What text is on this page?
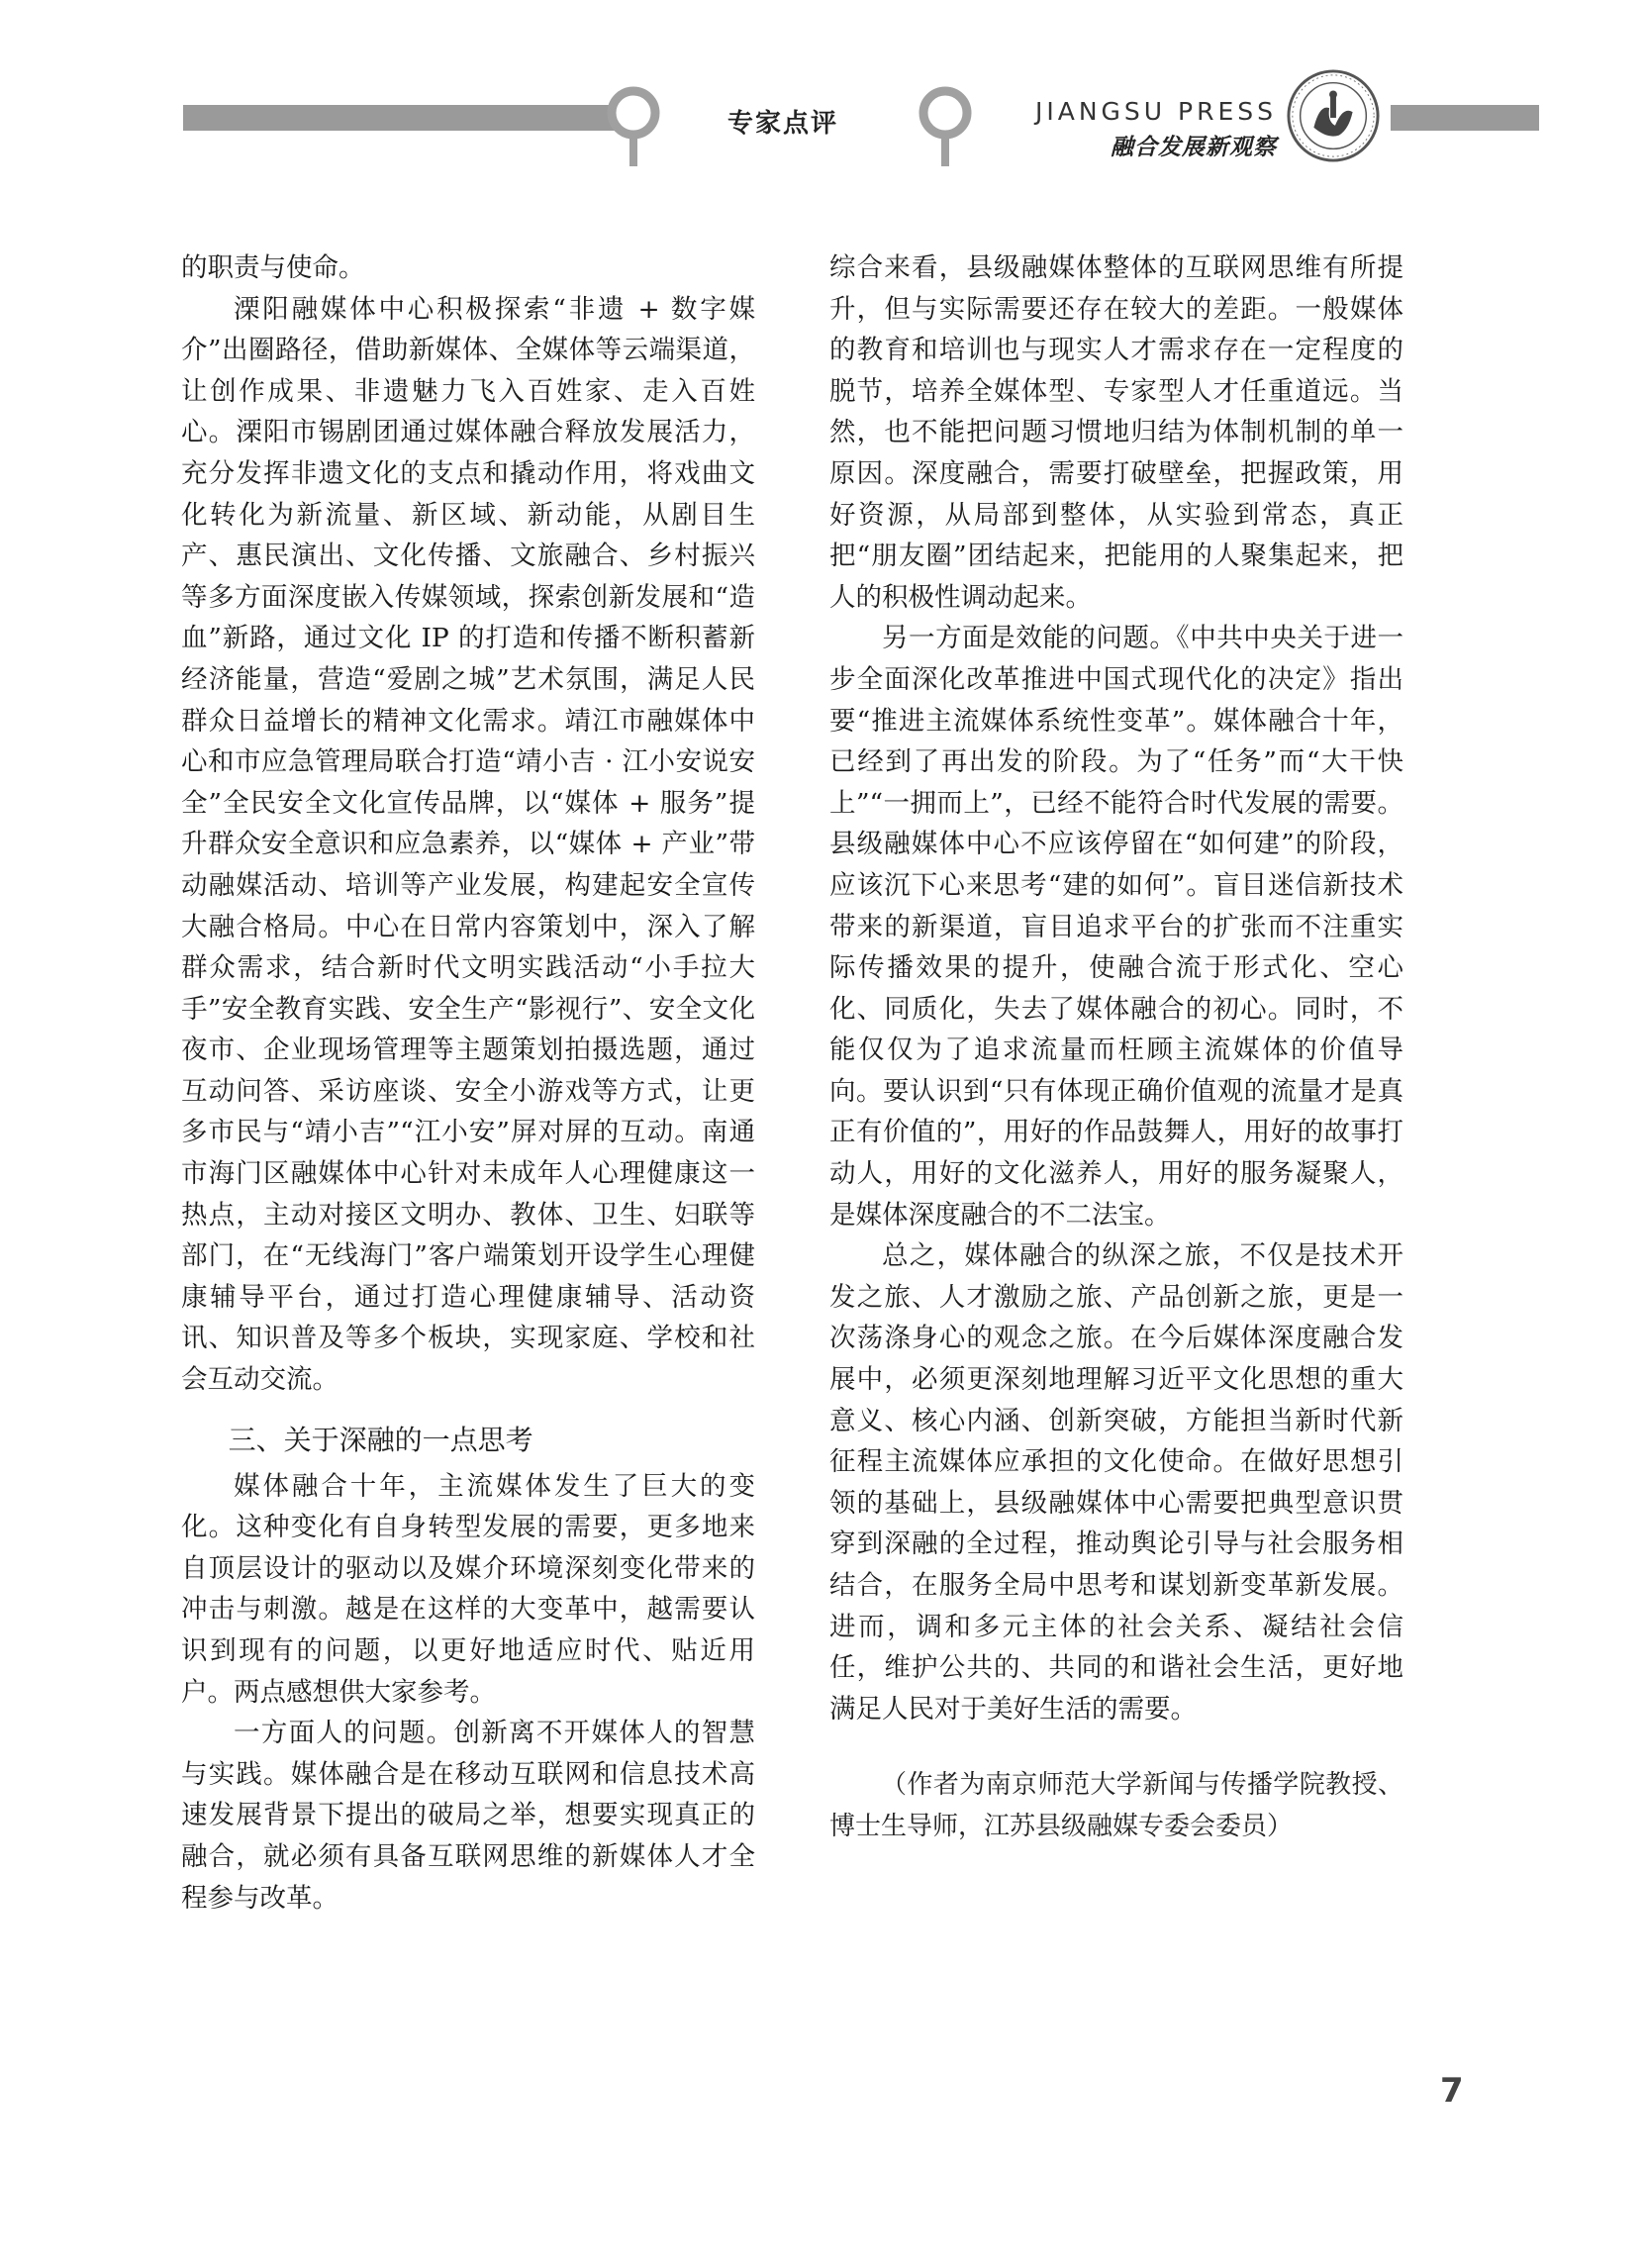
专家点评	JIANGSU PRESS
融合发展新观察

的职责与使命。

溧阳融媒体中心积极探索“非遗 + 数字媒介”出圈路径，借助新媒体、全媒体等云端渠道，让创作成果、非遗魅力飞入百姓家、走入百姓心。溧阳市锡剧团通过媒体融合释放发展活力，充分发挥非遗文化的支点和撬动作用，将戏曲文化转化为新流量、新区域、新动能，从剧目生产、惠民演出、文化传播、文旅融合、乡村振兴等多方面深度嵌入传媒领域，探索创新发展和“造血”新路，通过文化 IP 的打造和传播不断积蓄新经济能量，营造“爱剧之城”艺术氛围，满足人民群众日益增长的精神文化需求。靖江市融媒体中心和市应急管理局联合打造“靖小吉 · 江小安说安全”全民安全文化宣传品牌，以“媒体 + 服务”提升群众安全意识和应急素养，以“媒体 + 产业”带动融媒活动、培训等产业发展，构建起安全宣传大融合格局。中心在日常内容策划中，深入了解群众需求，结合新时代文明实践活动“小手拉大手”安全教育实践、安全生产“影视行”、安全文化夜市、企业现场管理等主题策划拍摄选题，通过互动问答、采访座谈、安全小游戏等方式，让更多市民与“靖小吉”“江小安”屏对屏的互动。南通市海门区融媒体中心针对未成年人心理健康这一热点，主动对接区文明办、教体、卫生、妇联等部门，在“无线海门”客户端策划开设学生心理健康辅导平台，通过打造心理健康辅导、活动资讯、知识普及等多个板块，实现家庭、学校和社会互动交流。

三、关于深融的一点思考

媒体融合十年，主流媒体发生了巨大的变化。这种变化有自身转型发展的需要，更多地来自顶层设计的驱动以及媒介环境深刻变化带来的冲击与刺激。越是在这样的大变革中，越需要认识到现有的问题，以更好地适应时代、贴近用户。两点感想供大家参考。

一方面人的问题。创新离不开媒体人的智慧与实践。媒体融合是在移动互联网和信息技术高速发展背景下提出的破局之举，想要实现真正的融合，就必须有具备互联网思维的新媒体人才全程参与改革。

综合来看，县级融媒体整体的互联网思维有所提升，但与实际需要还存在较大的差距。一般媒体的教育和培训也与现实人才需求存在一定程度的脱节，培养全媒体型、专家型人才任重道远。当然，也不能把问题习惯地归结为体制机制的单一原因。深度融合，需要打破壁垒，把握政策，用好资源，从局部到整体，从实验到常态，真正把“朋友圈”团结起来，把能用的人聚集起来，把人的积极性调动起来。

另一方面是效能的问题。《中共中央关于进一步全面深化改革推进中国式现代化的决定》指出要“推进主流媒体系统性变革”。媒体融合十年，已经到了再出发的阶段。为了“任务”而“大干快上”“一拥而上”，已经不能符合时代发展的需要。县级融媒体中心不应该停留在“如何建”的阶段，应该沉下心来思考“建的如何”。盲目迷信新技术带来的新渠道，盲目追求平台的扩张而不注重实际传播效果的提升，使融合流于形式化、空心化、同质化，失去了媒体融合的初心。同时，不能仅仅为了追求流量而枉顾主流媒体的价值导向。要认识到“只有体现正确价值观的流量才是真正有价值的”，用好的作品鼓舞人，用好的故事打动人，用好的文化滋养人，用好的服务凝聚人，是媒体深度融合的不二法宝。

总之，媒体融合的纵深之旅，不仅是技术开发之旅、人才激励之旅、产品创新之旅，更是一次荡涤身心的观念之旅。在今后媒体深度融合发展中，必须更深刻地理解习近平文化思想的重大意义、核心内涵、创新突破，方能担当新时代新征程主流媒体应承担的文化使命。在做好思想引领的基础上，县级融媒体中心需要把典型意识贯穿到深融的全过程，推动舆论引导与社会服务相结合，在服务全局中思考和谋划新变革新发展。进而，调和多元主体的社会关系、凝结社会信任，维护公共的、共同的和谐社会生活，更好地满足人民对于美好生活的需要。

（作者为南京师范大学新闻与传播学院教授、博士生导师，江苏县级融媒专委会委员）

7
